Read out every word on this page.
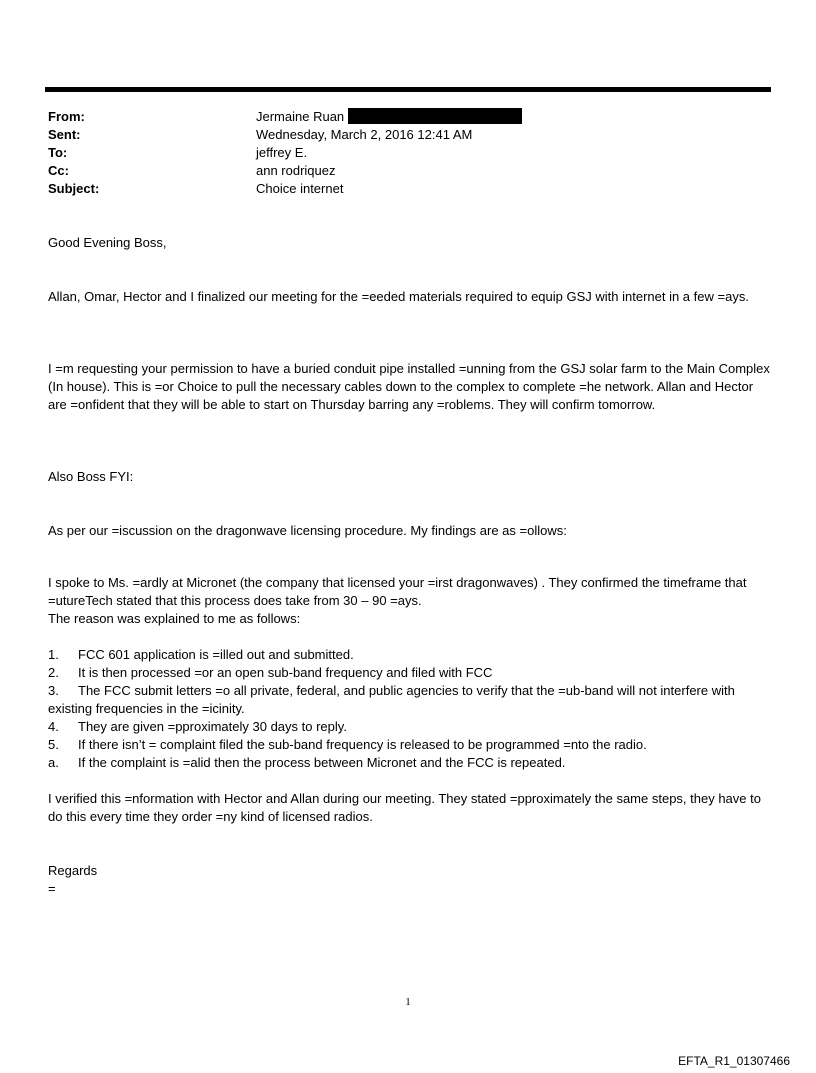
From:	Jermaine Ruan
Sent:	Wednesday, March 2, 2016 12:41 AM
To:	jeffrey E.
Cc:	ann rodriquez
Subject:	Choice internet
Good Evening Boss,
Allan, Omar, Hector and I finalized our meeting for the =eeded materials required to equip GSJ with internet in a few =ays.
I =m requesting your permission to have a buried conduit pipe installed =unning from the GSJ solar farm to the Main Complex (In house). This is =or Choice to pull the necessary cables down to the complex to complete =he network. Allan and Hector are =onfident that they will be able to start on Thursday barring any =roblems. They will confirm tomorrow.
Also Boss FYI:
As per our =iscussion on the dragonwave licensing procedure. My findings are as =ollows:
I spoke to Ms. =ardly at Micronet (the company that licensed your =irst dragonwaves) . They confirmed the timeframe that =utureTech stated that this process does take from 30 – 90 =ays.
The reason was explained to me as follows:
1. FCC 601 application is =illed out and submitted.
2. It is then processed =or an open sub-band frequency and filed with FCC
3. The FCC submit letters =o all private, federal, and public agencies to verify that the =ub-band will not interfere with existing frequencies in the =icinity.
4. They are given =pproximately 30 days to reply.
5. If there isn’t = complaint filed the sub-band frequency is released to be programmed =nto the radio.
a. If the complaint is =alid then the process between Micronet and the FCC is repeated.
I verified this =nformation with Hector and Allan during our meeting. They stated =pproximately the same steps, they have to do this every time they order =ny kind of licensed radios.
Regards
=
1
EFTA_R1_01307466
